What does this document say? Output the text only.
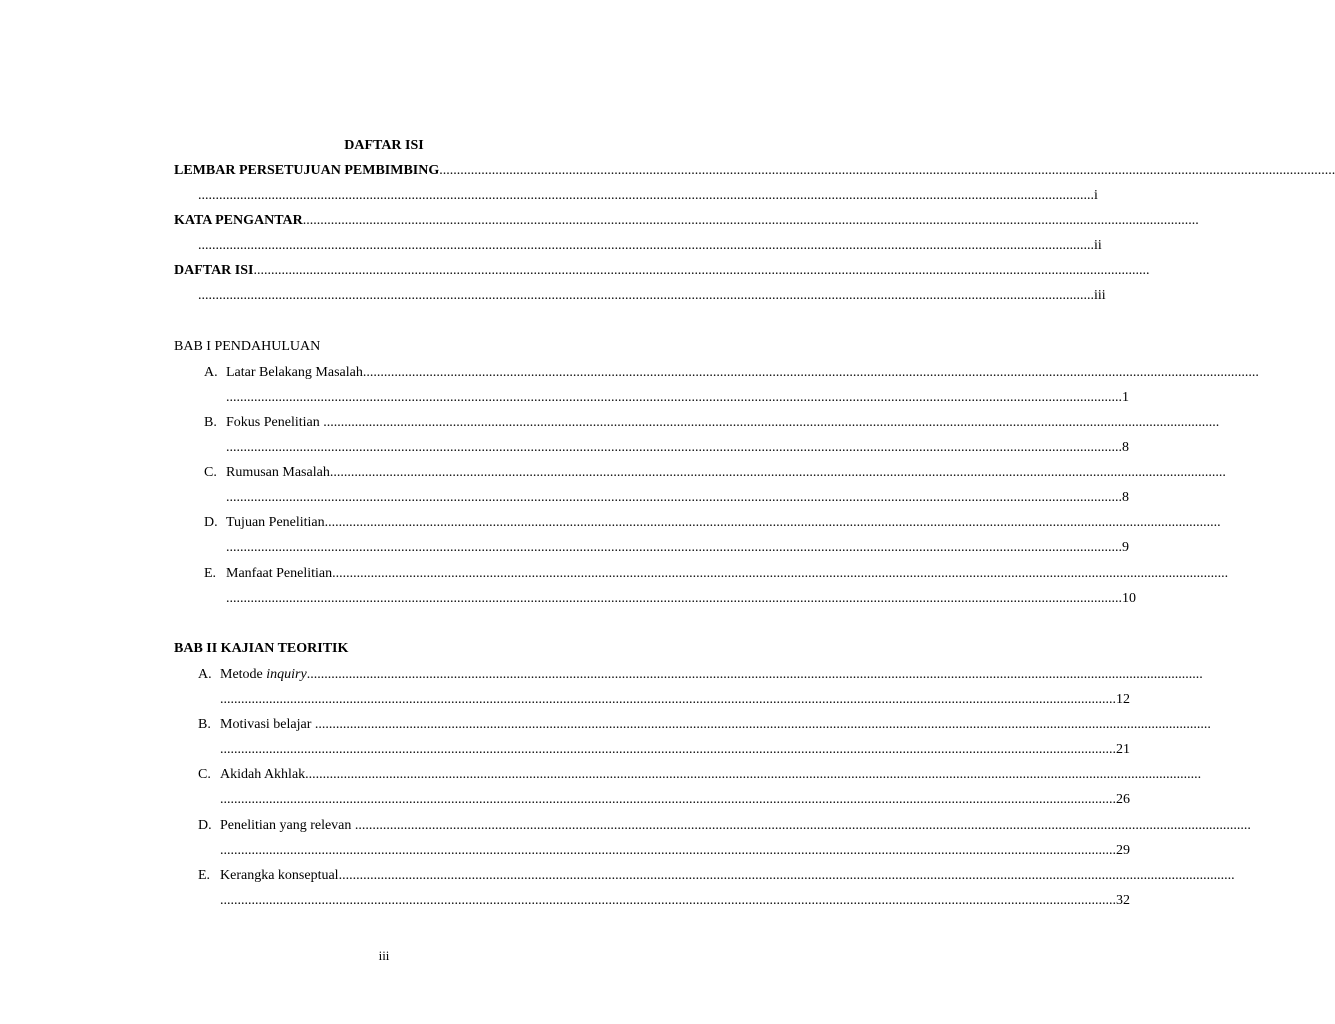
DAFTAR ISI
LEMBAR PERSETUJUAN PEMBIMBING ................................................................................................................................................................................................................................................................
................................................................................................................................................................................................................................................................ i
KATA PENGANTAR ................................................................................................................................................................................................................................................................
................................................................................................................................................................................................................................................................ ii
DAFTAR ISI ................................................................................................................................................................................................................................................................
................................................................................................................................................................................................................................................................ iii
BAB I PENDAHULUAN
A. Latar Belakang Masalah ................................................................................................................................................................................................................................................................
................................................................................................................................................................................................................................................................ 1
B. Fokus Penelitian ................................................................................................................................................................................................................................................................
................................................................................................................................................................................................................................................................ 8
C. Rumusan Masalah ................................................................................................................................................................................................................................................................
................................................................................................................................................................................................................................................................ 8
D. Tujuan Penelitian ................................................................................................................................................................................................................................................................
................................................................................................................................................................................................................................................................ 9
E. Manfaat Penelitian ................................................................................................................................................................................................................................................................
................................................................................................................................................................................................................................................................ 10
BAB II KAJIAN TEORITIK
A. Metode inquiry ................................................................................................................................................................................................................................................................
................................................................................................................................................................................................................................................................ 12
B. Motivasi belajar ................................................................................................................................................................................................................................................................
................................................................................................................................................................................................................................................................ 21
C. Akidah Akhlak ................................................................................................................................................................................................................................................................
................................................................................................................................................................................................................................................................ 26
D. Penelitian yang relevan ................................................................................................................................................................................................................................................................
................................................................................................................................................................................................................................................................ 29
E. Kerangka konseptual ................................................................................................................................................................................................................................................................
................................................................................................................................................................................................................................................................ 32
iii
